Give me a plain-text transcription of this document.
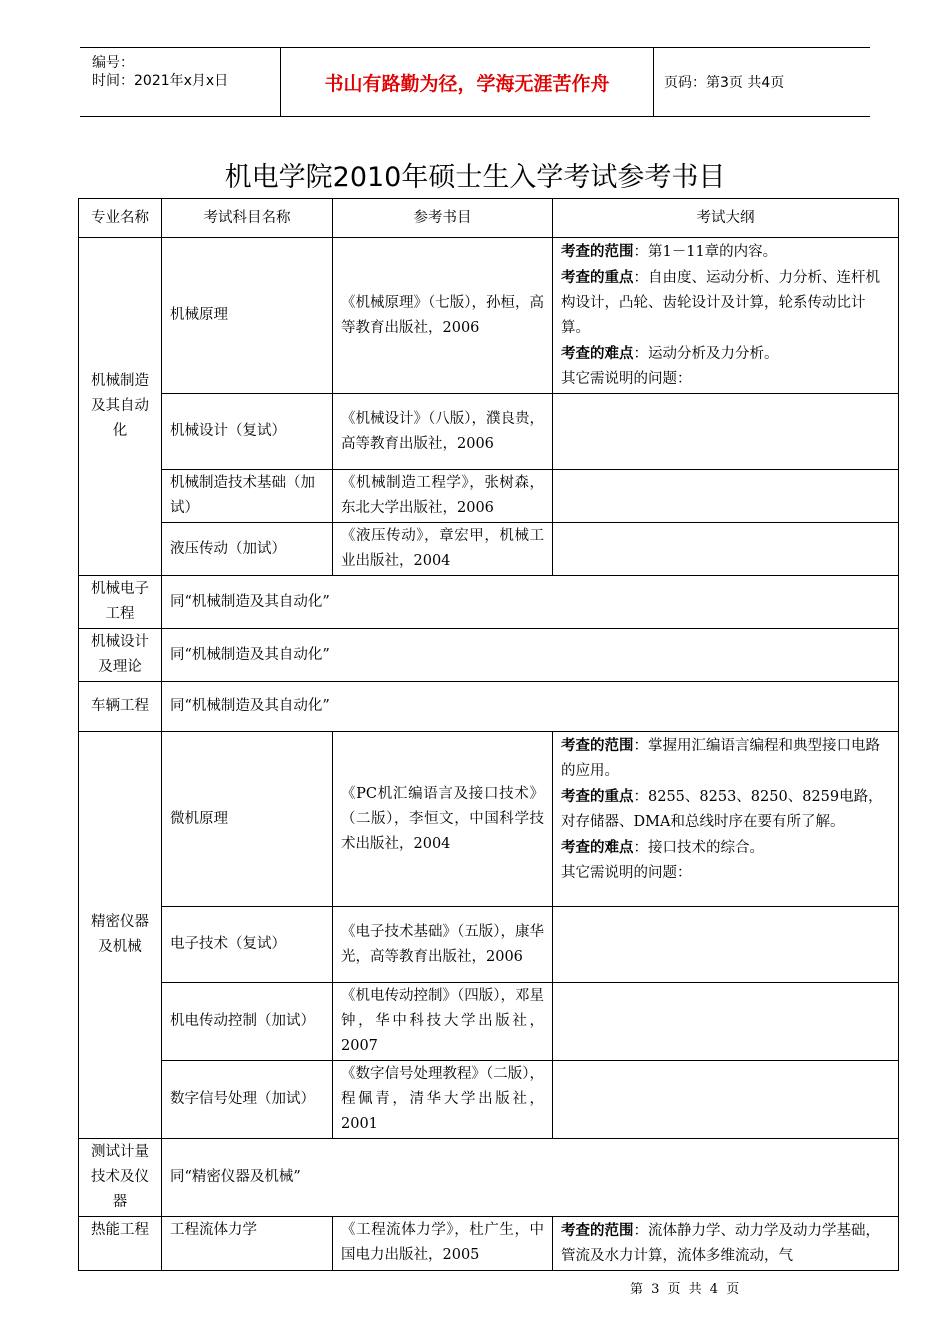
编号：
时间：2021年x月x日	书山有路勤为径，学海无涯苦作舟	页码：第3页 共4页
机电学院2010年硕士生入学考试参考书目
专业名称	考试科目名称	参考书目	考试大纲
机械制造及其自动化	机械原理	《机械原理》（七版），孙桓，高等教育出版社，2006	考查的范围：第1－11章的内容。
考查的重点：自由度、运动分析、力分析、连杆机构设计，凸轮、齿轮设计及计算，轮系传动比计算。
考查的难点：运动分析及力分析。
其它需说明的问题：

	机械设计（复试）	《机械设计》（八版），濮良贵，高等教育出版社，2006	
	机械制造技术基础（加试）	《机械制造工程学》，张树森，东北大学出版社，2006	
	液压传动（加试）	《液压传动》，章宏甲，机械工业出版社，2004	
机械电子工程	同“机械制造及其自动化”		
机械设计及理论	同“机械制造及其自动化”		
车辆工程	同“机械制造及其自动化”		
精密仪器及机械	微机原理	《PC机汇编语言及接口技术》（二版），李恒文，中国科学技术出版社，2004	考查的范围：掌握用汇编语言编程和典型接口电路的应用。
考查的重点：8255、8253、8250、8259电路，对存储器、DMA和总线时序在要有所了解。
考查的难点：接口技术的综合。
其它需说明的问题：

	电子技术（复试）	《电子技术基础》（五版），康华光，高等教育出版社，2006	
	机电传动控制（加试）	《机电传动控制》（四版），邓星钟，华中科技大学出版社，2007	
	数字信号处理（加试）	《数字信号处理教程》（二版），程佩青，清华大学出版社，2001	
测试计量技术及仪器	同“精密仪器及机械”		
热能工程	工程流体力学	《工程流体力学》，杜广生，中国电力出版社，2005	考查的范围：流体静力学、动力学及动力学基础，管流及水力计算，流体多维流动，气
第 3 页 共 4 页
